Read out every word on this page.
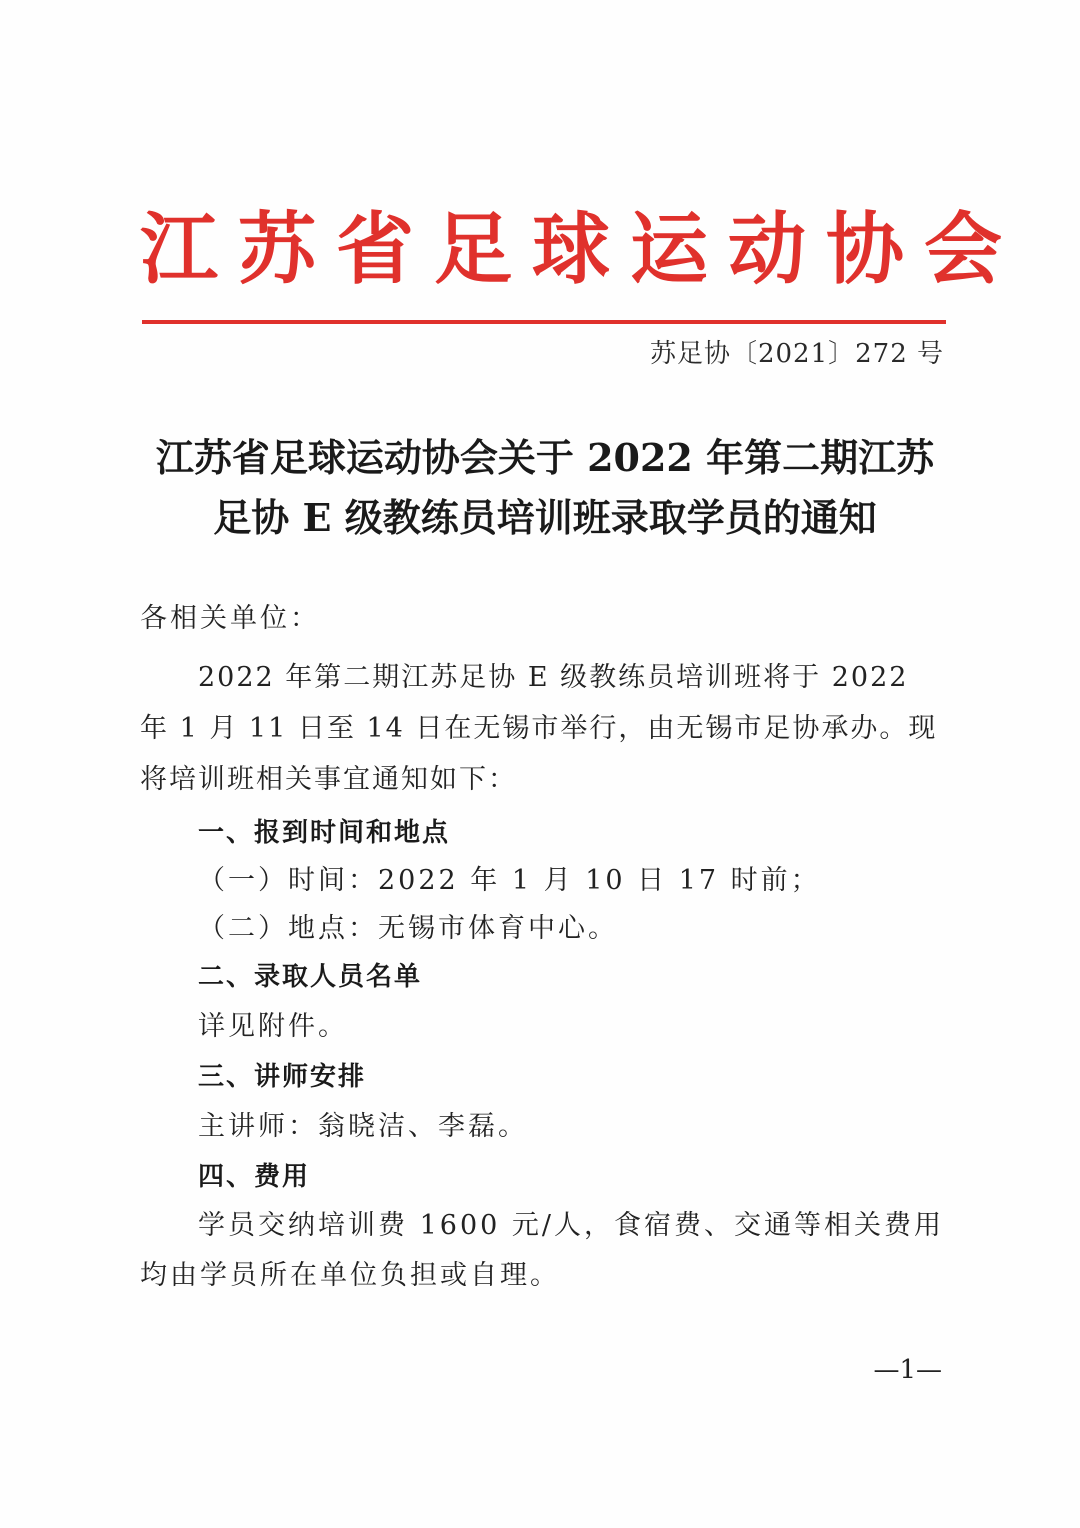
江苏省足球运动协会
苏足协〔2021〕272 号
江苏省足球运动协会关于 2022 年第二期江苏
足协 E 级教练员培训班录取学员的通知

各相关单位：

2022 年第二期江苏足协 E 级教练员培训班将于 2022 年 1 月 11 日至 14 日在无锡市举行，由无锡市足协承办。现将培训班相关事宜通知如下：

一、报到时间和地点

（一）时间：2022 年 1 月 10 日 17 时前；

（二）地点：无锡市体育中心。

二、录取人员名单

详见附件。

三、讲师安排

主讲师：翁晓洁、李磊。

四、费用

学员交纳培训费 1600 元/人，食宿费、交通等相关费用均由学员所在单位负担或自理。

—1—
